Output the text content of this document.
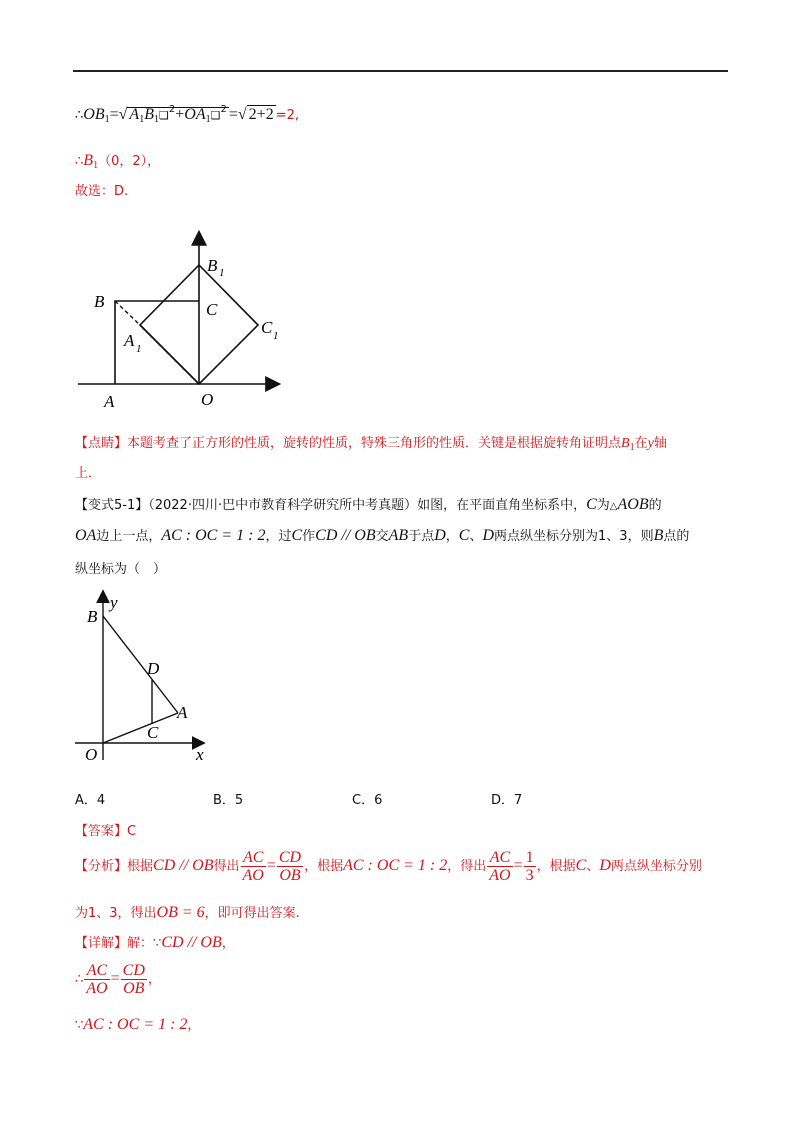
$\therefore OB_1=√$ $A_1B_1❑^2+OA_1❑^2$ =√ 2+2 =2,
$\therefore B_1(0$，2），
故选：D.
B 1
B	C
C 1
A 1
A	O
【点睛】本题考查了正方形的性质，旋转的性质，特殊三角形的性质．关键是根据旋转角证明点$B_1$在y轴
上．
【变式5-1】（2022·四川·巴中市教育科学研究所中考真题）如图，在平面直角坐标系中，C为△AOB的
OA边上一点，AC : OC = 1 : 2，过C作CD // OB交AB于点D，C、D两点纵坐标分别为1、3，则B点的
纵坐标为（　）
B
y
D
A
C
O	x
A．4	B．5	C．6	D．7
【答案】C
【分析】根据CD // OB得出 $\frac{AC}{AO} = \frac{CD}{OB}$ ，根据AC : OC = 1 : 2，得出 $\frac{AC}{AO} = \frac{1}{3}$ ，根据C、D两点纵坐标分别
为1、3，得出OB = 6，即可得出答案.
【详解】解：∵CD // OB，
∴ $\frac{AC}{AO} = \frac{CD}{OB}$ ，
∵AC : OC = 1 : 2，
